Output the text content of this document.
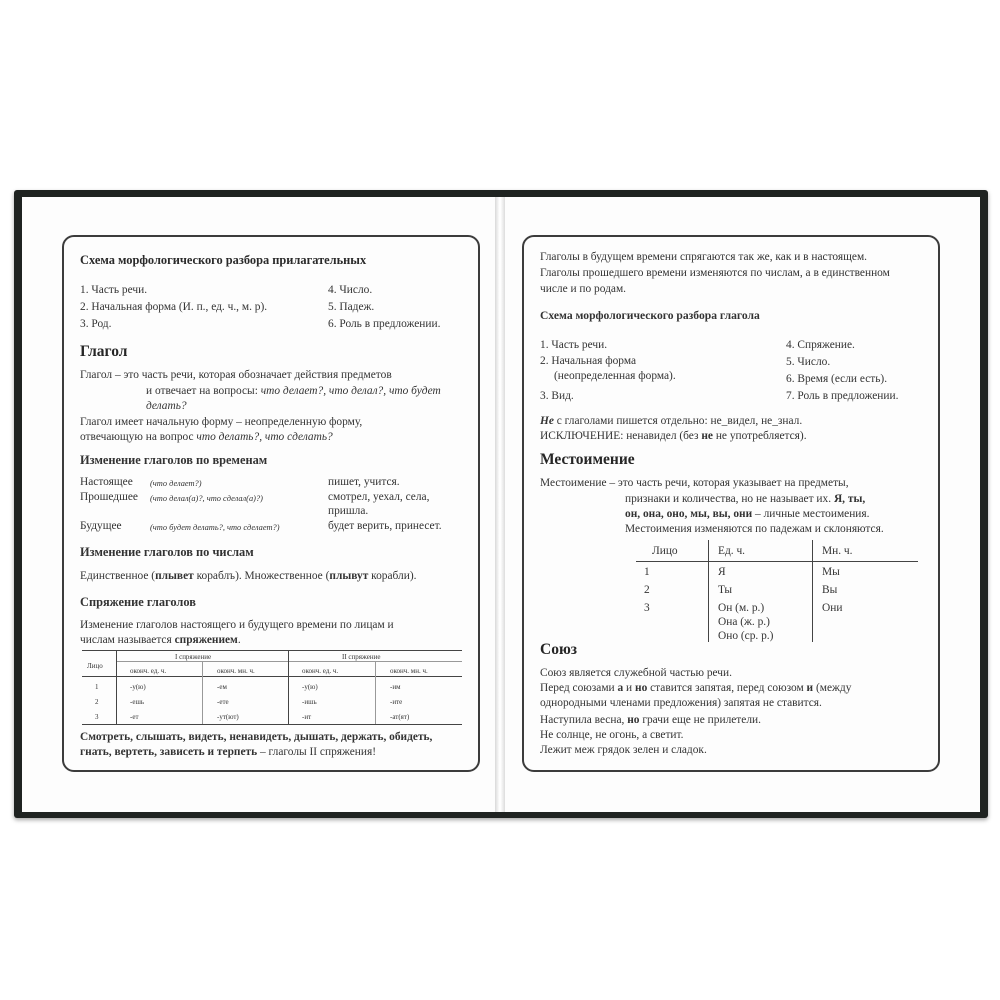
Схема морфологического разбора прилагательных
1. Часть речи.
2. Начальная форма (И. п., ед. ч., м. р).
3. Род.
4. Число.
5. Падеж.
6. Роль в предложении.
Глагол
Глагол – это часть речи, которая обозначает действия предметов
и отвечает на вопросы: что делает?, что делал?, что будет
делать?
Глагол имеет начальную форму – неопределенную форму,
отвечающую на вопрос что делать?, что сделать?
Изменение глаголов по временам
Настоящее (что делает?)	пишет, учится.
Прошедшее (что делал(а)?, что сделал(а)?)	смотрел, уехал, села,
пришла.
Будущее	(что будет делать?, что сделает?)	будет верить, принесет.
Изменение глаголов по числам
Единственное (плывет кораблъ). Множественное (плывут корабли).
Спряжение глаголов
Изменение глаголов настоящего и будущего времени по лицам и
числам называется спряжением.
Лицо
I спряжение	II спряжение
оконч. ед. ч.	оконч. мн. ч.	оконч. ед. ч.	оконч. мн. ч.
1	-у(ю)	-ем	-у(ю)	-им
2	-ешь	-ете	-ишь	-ите
3	-ет	-ут(ют)	-ит	-ат(ят)
Смотреть, слышать, видеть, ненавидеть, дышать, держать, обидеть,
гнать, вертеть, зависеть и терпеть – глаголы II спряжения!
Глаголы в будущем времени спрягаются так же, как и в настоящем.
Глаголы прошедшего времени изменяются по числам, а в единственном
числе и по родам.
Схема морфологического разбора глагола
1. Часть речи.
2. Начальная форма
(неопределенная форма).
3. Вид.
4. Спряжение.
5. Число.
6. Время (если есть).
7. Роль в предложении.
Не с глаголами пишется отдельно: не_видел, не_знал.
ИСКЛЮЧЕНИЕ: ненавидел (без не не употребляется).
Местоимение
Местоимение – это часть речи, которая указывает на предметы,
признаки и количества, но не называет их. Я, ты,
он, она, оно, мы, вы, они – личные местоимения.
Местоимения изменяются по падежам и склоняются.
Лицо	Ед. ч.	Мн. ч.
1	Я	Мы
2	Ты	Вы
3	Он (м. р.)	Они
Она (ж. р.)
Оно (ср. р.)
Союз
Союз является служебной частью речи.
Перед союзами а и но ставится запятая, перед союзом и (между
однородными членами предложения) запятая не ставится.
Наступила весна, но грачи еще не прилетели.
Не солнце, не огонь, а светит.
Лежит меж грядок зелен и сладок.
